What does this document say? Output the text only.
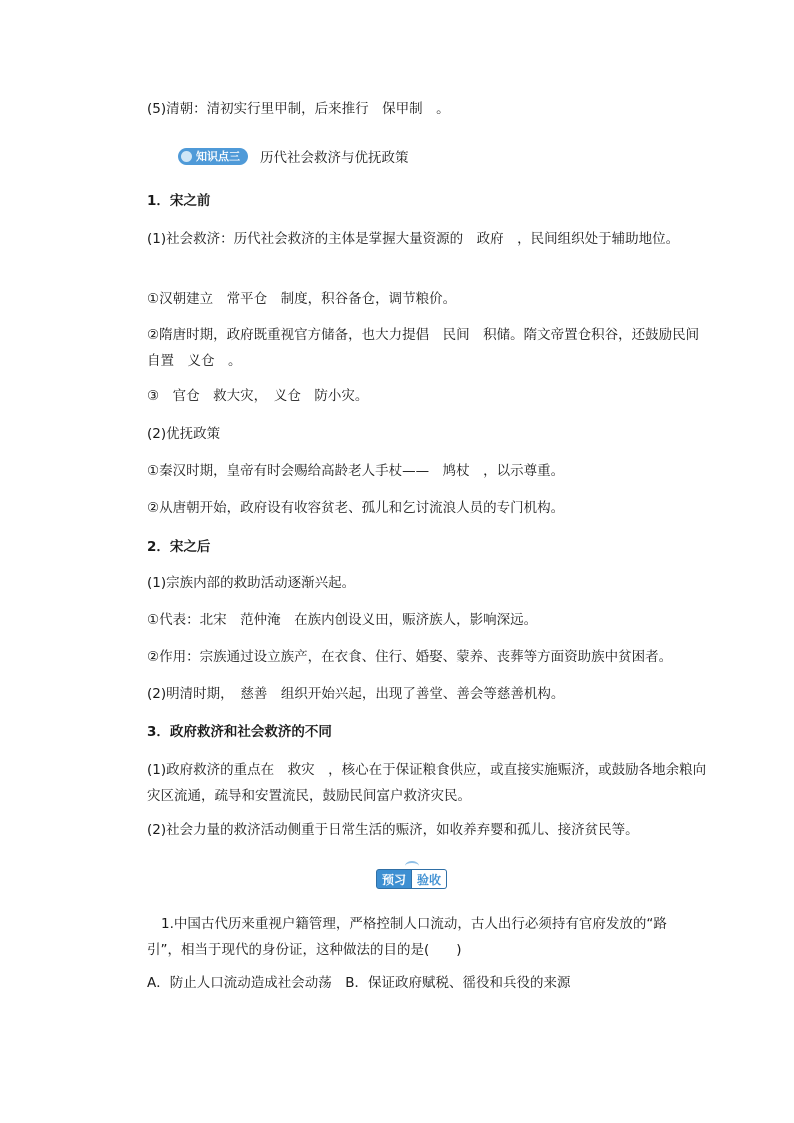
(5)清朝：清初实行里甲制，后来推行　保甲制　。
知识点三 历代社会救济与优抚政策
1．宋之前
(1)社会救济：历代社会救济的主体是掌握大量资源的　政府　，民间组织处于辅助地位。
①汉朝建立　常平仓　制度，积谷备仓，调节粮价。
②隋唐时期，政府既重视官方储备，也大力提倡　民间　积储。隋文帝置仓积谷，还鼓励民间自置　义仓　。
③　官仓　救大灾，　义仓　防小灾。
(2)优抚政策
①秦汉时期，皇帝有时会赐给高龄老人手杖——　鸠杖　，以示尊重。
②从唐朝开始，政府设有收容贫老、孤儿和乞讨流浪人员的专门机构。
2．宋之后
(1)宗族内部的救助活动逐渐兴起。
①代表：北宋　范仲淹　在族内创设义田，赈济族人，影响深远。
②作用：宗族通过设立族产，在衣食、住行、婚娶、蒙养、丧葬等方面资助族中贫困者。
(2)明清时期，　慈善　组织开始兴起，出现了善堂、善会等慈善机构。
3．政府救济和社会救济的不同
(1)政府救济的重点在　救灾　，核心在于保证粮食供应，或直接实施赈济，或鼓励各地余粮向灾区流通，疏导和安置流民，鼓励民间富户救济灾民。
(2)社会力量的救济活动侧重于日常生活的赈济，如收养弃婴和孤儿、接济贫民等。
预习 验收
1.中国古代历来重视户籍管理，严格控制人口流动，古人出行必须持有官府发放的“路引”，相当于现代的身份证，这种做法的目的是(　　)
A．防止人口流动造成社会动荡　B．保证政府赋税、徭役和兵役的来源
